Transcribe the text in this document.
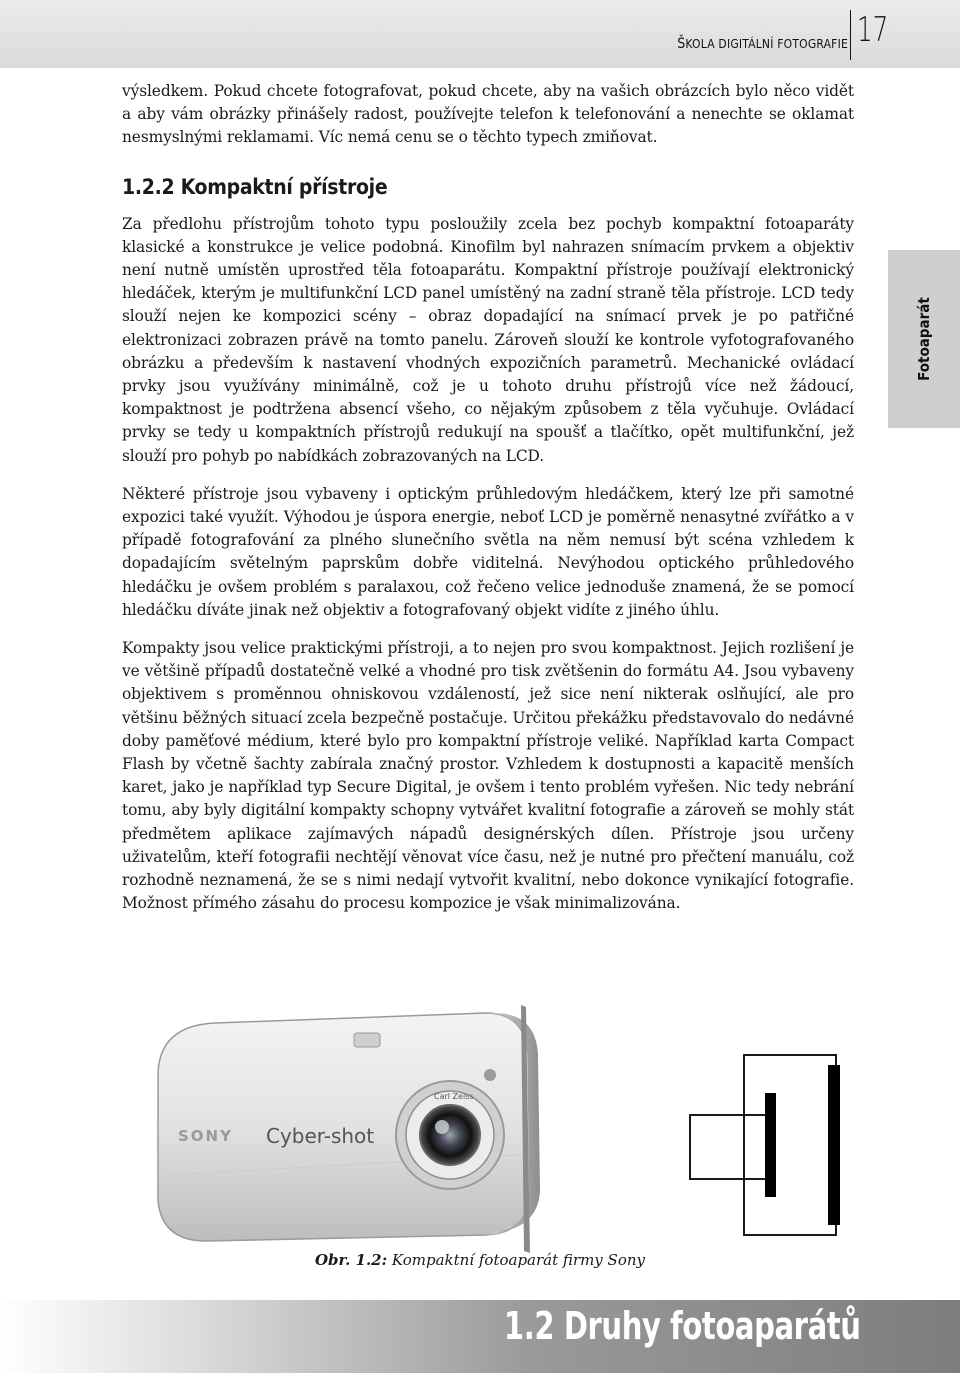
ŠKOLA DIGITÁLNÍ FOTOGRAFIE 17
Fotoaparát

výsledkem. Pokud chcete fotografovat, pokud chcete, aby na vašich obrázcích bylo něco vidět a aby vám obrázky přinášely radost, používejte telefon k telefonování a nenechte se oklamat nesmyslnými reklamami. Víc nemá cenu se o těchto typech zmiňovat.

1.2.2 Kompaktní přístroje

Za předlohu přístrojům tohoto typu posloužily zcela bez pochyb kompaktní fotoaparáty klasické a konstrukce je velice podobná. Kinofilm byl nahrazen snímacím prvkem a objektiv není nutně umístěn uprostřed těla fotoaparátu. Kompaktní přístroje používají elektronický hledáček, kterým je multifunkční LCD panel umístěný na zadní straně těla přístroje. LCD tedy slouží nejen ke kompozici scény – obraz dopadající na snímací prvek je po patřičné elektronizaci zobrazen právě na tomto panelu. Zároveň slouží ke kontrole vyfotografovaného obrázku a především k nastavení vhodných expozičních parametrů. Mechanické ovládací prvky jsou využívány minimálně, což je u tohoto druhu přístrojů více než žádoucí, kompaktnost je podtržena absencí všeho, co nějakým způsobem z těla vyčuhuje. Ovládací prvky se tedy u kompaktních přístrojů redukují na spoušť a tlačítko, opět multifunkční, jež slouží pro pohyb po nabídkách zobrazovaných na LCD.

Některé přístroje jsou vybaveny i optickým průhledovým hledáčkem, který lze při samotné expozici také využít. Výhodou je úspora energie, neboť LCD je poměrně nenasytné zvířátko a v případě fotografování za plného slunečního světla na něm nemusí být scéna vzhledem k dopadajícím světelným paprskům dobře viditelná. Nevýhodou optického průhledového hledáčku je ovšem problém s paralaxou, což řečeno velice jednoduše znamená, že se pomocí hledáčku díváte jinak než objektiv a fotografovaný objekt vidíte z jiného úhlu.

Kompakty jsou velice praktickými přístroji, a to nejen pro svou kompaktnost. Jejich rozlišení je ve většině případů dostatečně velké a vhodné pro tisk zvětšenin do formátu A4. Jsou vybaveny objektivem s proměnnou ohniskovou vzdáleností, jež sice není nikterak oslňující, ale pro většinu běžných situací zcela bezpečně postačuje. Určitou překážku představovalo do nedávné doby paměťové médium, které bylo pro kompaktní přístroje veliké. Například karta Compact Flash by včetně šachty zabírala značný prostor. Vzhledem k dostupnosti a kapacitě menších karet, jako je například typ Secure Digital, je ovšem i tento problém vyřešen. Nic tedy nebrání tomu, aby byly digitální kompakty schopny vytvářet kvalitní fotografie a zároveň se mohly stát předmětem aplikace zajímavých nápadů designérských dílen. Přístroje jsou určeny uživatelům, kteří fotografii nechtějí věnovat více času, než je nutné pro přečtení manuálu, což rozhodně neznamená, že se s nimi nedají vytvořit kvalitní, nebo dokonce vynikající fotografie. Možnost přímého zásahu do procesu kompozice je však minimalizována.

SONY Cyber-shot
Carl Zeiss
Obr. 1.2: Kompaktní fotoaparát firmy Sony
1.2 Druhy fotoaparátů
